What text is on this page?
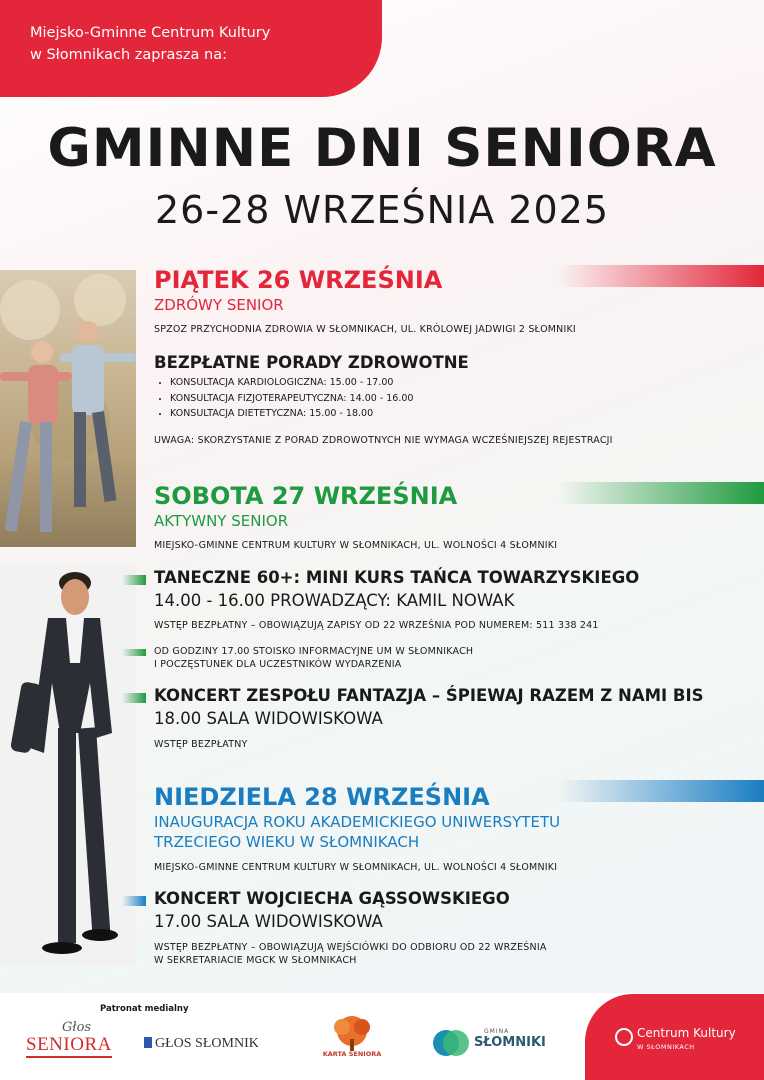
Miejsko-Gminne Centrum Kultury
w Słomnikach zaprasza na:
GMINNE DNI SENIORA
26-28 WRZEŚNIA 2025
PIĄTEK 26 WRZEŚNIA
ZDRÓWY SENIOR
SPZOZ PRZYCHODNIA ZDROWIA W SŁOMNIKACH, UL. KRÓLOWEJ JADWIGI 2 SŁOMNIKI
BEZPŁATNE PORADY ZDROWOTNE
• KONSULTACJA KARDIOLOGICZNA: 15.00 - 17.00
• KONSULTACJA FIZJOTERAPEUTYCZNA: 14.00 - 16.00
• KONSULTACJA DIETETYCZNA: 15.00 - 18.00
UWAGA: SKORZYSTANIE Z PORAD ZDROWOTNYCH NIE WYMAGA WCZEŚNIEJSZEJ REJESTRACJI
SOBOTA 27 WRZEŚNIA
AKTYWNY SENIOR
MIEJSKO-GMINNE CENTRUM KULTURY W SŁOMNIKACH, UL. WOLNOŚCI 4 SŁOMNIKI
TANECZNE 60+: MINI KURS TAŃCA TOWARZYSKIEGO
14.00 - 16.00 PROWADZĄCY: KAMIL NOWAK
WSTĘP BEZPŁATNY – OBOWIĄZUJĄ ZAPISY OD 22 WRZEŚNIA POD NUMEREM: 511 338 241
OD GODZINY 17.00 STOISKO INFORMACYJNE UM W SŁOMNIKACH
I POCZĘSTUNEK DLA UCZESTNIKÓW WYDARZENIA
KONCERT ZESPOŁU FANTAZJA – ŚPIEWAJ RAZEM Z NAMI BIS
18.00 SALA WIDOWISKOWA
WSTĘP BEZPŁATNY
NIEDZIELA 28 WRZEŚNIA
INAUGURACJA ROKU AKADEMICKIEGO UNIWERSYTETU
TRZECIEGO WIEKU W SŁOMNIKACH
MIEJSKO-GMINNE CENTRUM KULTURY W SŁOMNIKACH, UL. WOLNOŚCI 4 SŁOMNIKI
KONCERT WOJCIECHA GĄSSOWSKIEGO
17.00 SALA WIDOWISKOWA
WSTĘP BEZPŁATNY – OBOWIĄZUJĄ WEJŚCIÓWKI DO ODBIORU OD 22 WRZEŚNIA
W SEKRETARIACIE MGCK W SŁOMNIKACH
Patronat medialny
Głos
SENIORA	GŁOS SŁOMNIK
KARTA SENIORA
GMINA
SŁOMNIKI
Centrum Kultury
W SŁOMNIKACH
